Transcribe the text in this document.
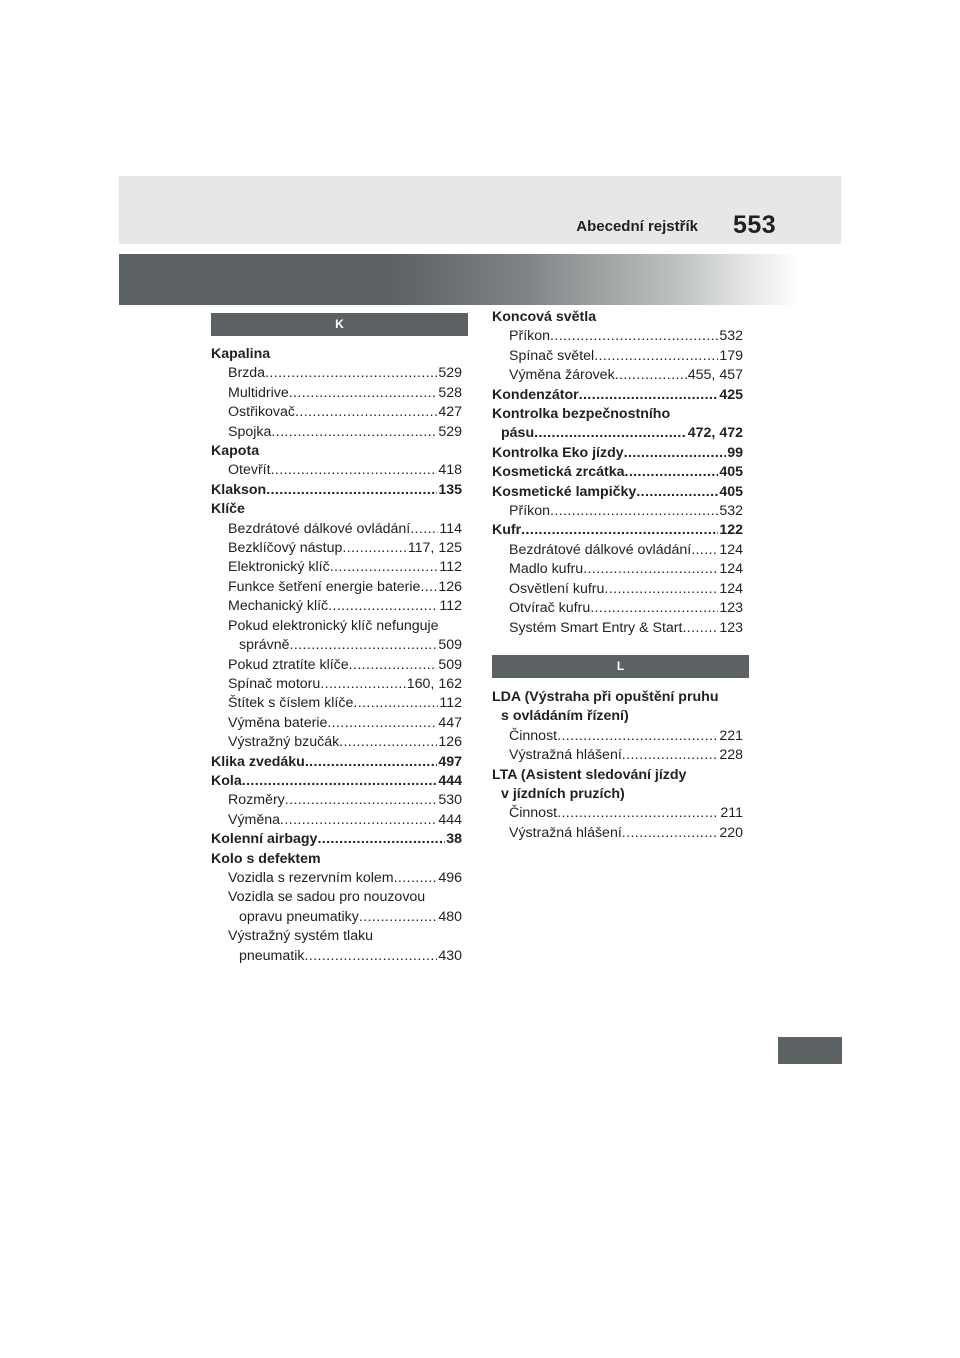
Abecední rejstřík 553
K
Kapalina
Brzda .....	529
Multidrive .....	528
Ostřikovač .....	427
Spojka .....	529
Kapota
Otevřít .....	418
Klakson .....	135
Klíče
Bezdrátové dálkové ovládání ..... 114
Bezklíčový nástup .....	117, 125
Elektronický klíč .....	112
Funkce šetření energie baterie ..... 126
Mechanický klíč .....	112
Pokud elektronický klíč nefunguje
správně .....	509
Pokud ztratíte klíče .....	509
Spínač motoru .....	160, 162
Štítek s číslem klíče .....	112
Výměna baterie .....	447
Výstražný bzučák .....	126
Klika zvedáku .....	497
Kola .....	444
Rozměry .....	530
Výměna .....	444
Kolenní airbagy .....	38
Kolo s defektem
Vozidla s rezervním kolem .....	496
Vozidla se sadou pro nouzovou
opravu pneumatiky .....	480
Výstražný systém tlaku
pneumatik .....	430
Koncová světla
Příkon .....	532
Spínač světel .....	179
Výměna žárovek .....	455, 457
Kondenzátor .....	425
Kontrolka bezpečnostního
pásu .....	472, 472
Kontrolka Eko jízdy .....	99
Kosmetická zrcátka .....	405
Kosmetické lampičky .....	405
Příkon .....	532
Kufr .....	122
Bezdrátové dálkové ovládání ..... 124
Madlo kufru .....	124
Osvětlení kufru .....	124
Otvírač kufru .....	123
Systém Smart Entry & Start .....	123
L
LDA (Výstraha při opuštění pruhu
s ovládáním řízení)
Činnost .....	221
Výstražná hlášení .....	228
LTA (Asistent sledování jízdy
v jízdních pruzích)
Činnost .....	211
Výstražná hlášení .....	220
